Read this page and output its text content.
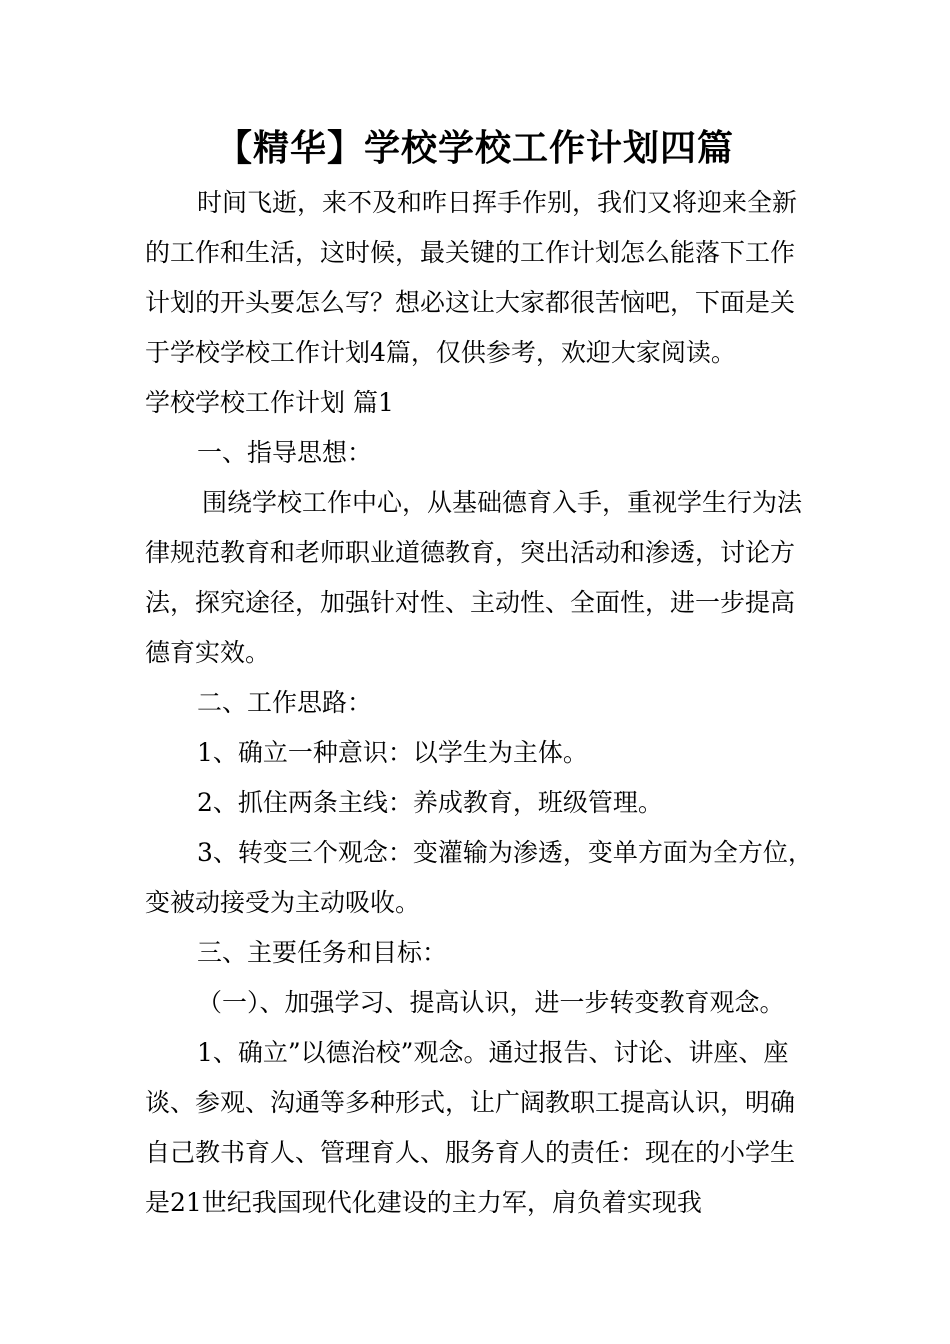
【精华】学校学校工作计划四篇

时间飞逝，来不及和昨日挥手作别，我们又将迎来全新的工作和生活，这时候，最关键的工作计划怎么能落下工作计划的开头要怎么写？想必这让大家都很苦恼吧，下面是关于学校学校工作计划4篇，仅供参考，欢迎大家阅读。

学校学校工作计划 篇1

一、指导思想：

围绕学校工作中心，从基础德育入手，重视学生行为法律规范教育和老师职业道德教育，突出活动和渗透，讨论方法，探究途径，加强针对性、主动性、全面性，进一步提高德育实效。

二、工作思路：

1、确立一种意识：以学生为主体。

2、抓住两条主线：养成教育，班级管理。

3、转变三个观念：变灌输为渗透，变单方面为全方位，变被动接受为主动吸收。

三、主要任务和目标：

（一）、加强学习、提高认识，进一步转变教育观念。

1、确立”以德治校”观念。通过报告、讨论、讲座、座谈、参观、沟通等多种形式，让广阔教职工提高认识，明确自己教书育人、管理育人、服务育人的责任：现在的小学生是21世纪我国现代化建设的主力军，肩负着实现我
